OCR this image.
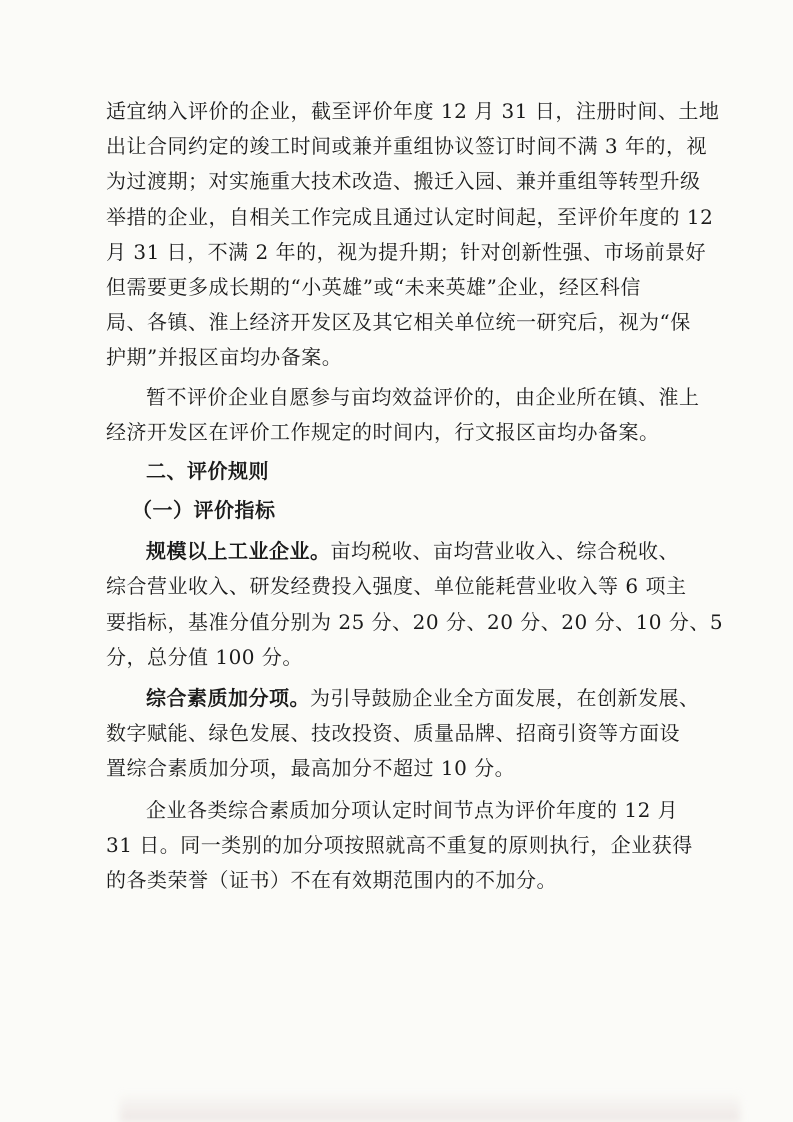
适宜纳入评价的企业，截至评价年度 12 月 31 日，注册时间、土地
出让合同约定的竣工时间或兼并重组协议签订时间不满 3 年的，视
为过渡期；对实施重大技术改造、搬迁入园、兼并重组等转型升级
举措的企业，自相关工作完成且通过认定时间起，至评价年度的 12
月 31 日，不满 2 年的，视为提升期；针对创新性强、市场前景好
但需要更多成长期的“小英雄”或“未来英雄”企业，经区科信
局、各镇、淮上经济开发区及其它相关单位统一研究后，视为“保
护期”并报区亩均办备案。
暂不评价企业自愿参与亩均效益评价的，由企业所在镇、淮上
经济开发区在评价工作规定的时间内，行文报区亩均办备案。
二、评价规则
（一）评价指标
规模以上工业企业。亩均税收、亩均营业收入、综合税收、
综合营业收入、研发经费投入强度、单位能耗营业收入等 6 项主
要指标，基准分值分别为 25 分、20 分、20 分、20 分、10 分、5
分，总分值 100 分。
综合素质加分项。为引导鼓励企业全方面发展，在创新发展、
数字赋能、绿色发展、技改投资、质量品牌、招商引资等方面设
置综合素质加分项，最高加分不超过 10 分。
企业各类综合素质加分项认定时间节点为评价年度的 12 月
31 日。同一类别的加分项按照就高不重复的原则执行，企业获得
的各类荣誉（证书）不在有效期范围内的不加分。
